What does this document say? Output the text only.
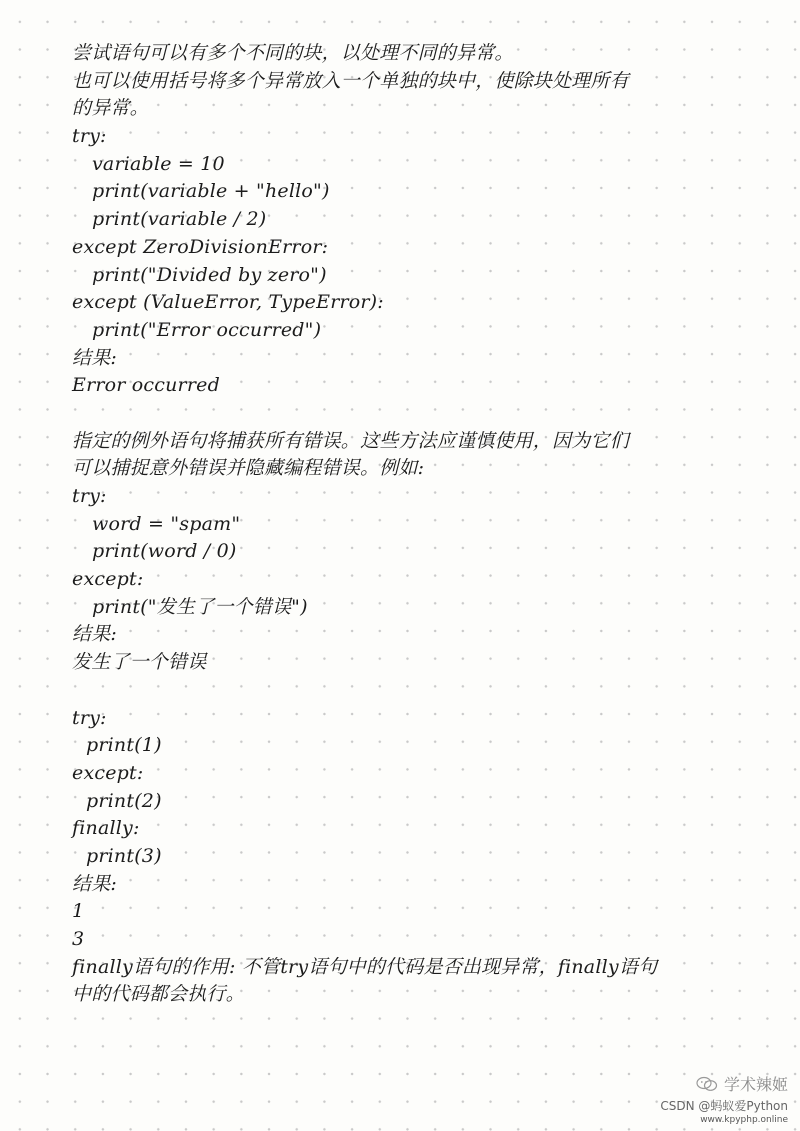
尝试语句可以有多个不同的块，以处理不同的异常。
也可以使用括号将多个异常放入一个单独的块中，使除块处理所有
的异常。
try:
variable = 10
print(variable + "hello")
print(variable / 2)
except ZeroDivisionError:
print("Divided by zero")
except (ValueError, TypeError):
print("Error occurred")
结果:
Error occurred
指定的例外语句将捕获所有错误。这些方法应谨慎使用，因为它们
可以捕捉意外错误并隐藏编程错误。例如:
try:
word = "spam"
print(word / 0)
except:
print("发生了一个错误")
结果:
发生了一个错误
try:
print(1)
except:
print(2)
finally:
print(3)
结果:
1
3
finally语句的作用: 不管try语句中的代码是否出现异常，finally语句
中的代码都会执行。
学术辣姬
CSDN @蚂蚁爱Python
www.kpyphp.online
